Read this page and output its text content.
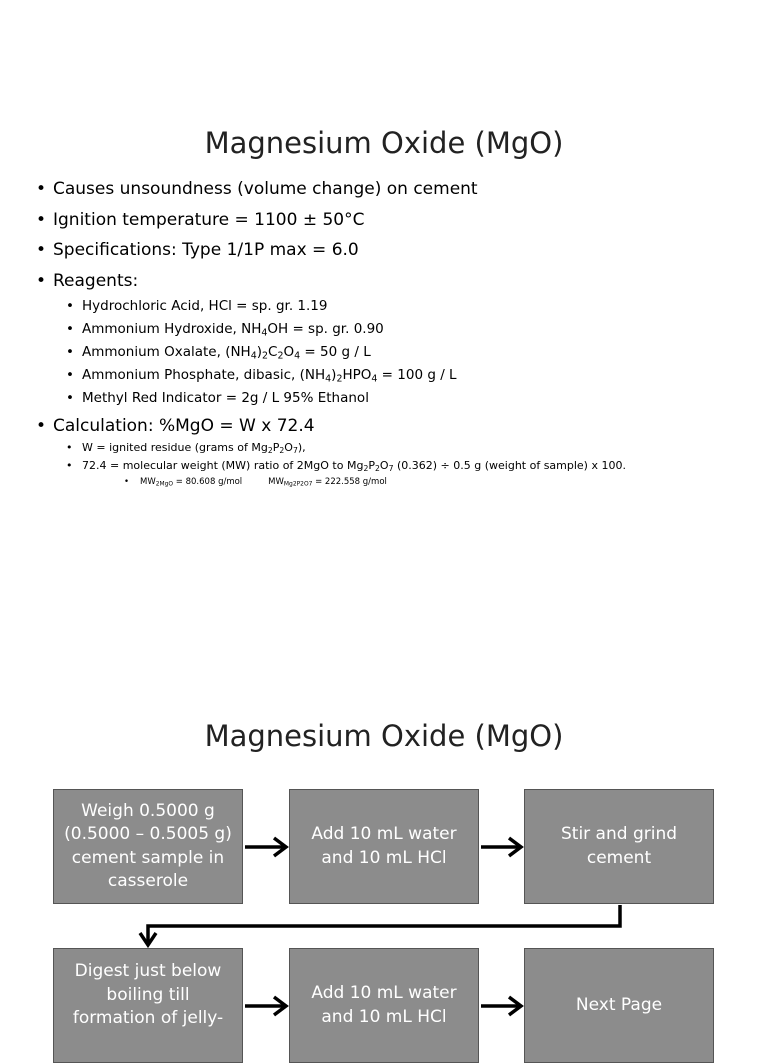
Magnesium Oxide (MgO)
• Causes unsoundness (volume change) on cement
• Ignition temperature = 1100 ± 50°C
• Specifications: Type 1/1P max = 6.0
• Reagents:
• Hydrochloric Acid, HCl = sp. gr. 1.19
• Ammonium Hydroxide, $NH_4OH$ = sp. gr. 0.90
• Ammonium Oxalate, $(NH_4)_2C_2O_4 = 50$ g / L
• Ammonium Phosphate, dibasic, $(NH_4)_2HPO_4 = 100$ g / L
• Methyl Red Indicator = 2g / L 95% Ethanol
• Calculation: %MgO = W x 72.4
• W = ignited residue (grams of $Mg_2P_2O_7$),
• 72.4 = molecular weight (MW) ratio of 2MgO to $Mg_2P_2O_7$ (0.362) ÷ 0.5 g (weight of sample) x 100.
• $MW_{2MgO} = 80.608$ g/mol	$MW_{Mg2P2O7} = 222.558$ g/mol
Magnesium Oxide (MgO)
Weigh 0.5000 g
(0.5000 – 0.5005 g)
cement sample in
casserole
Add 10 mL water
and 10 mL HCl
Stir and grind
cement
Digest just below
boiling till
formation of jelly-
Add 10 mL water
and 10 mL HCl
Next Page
